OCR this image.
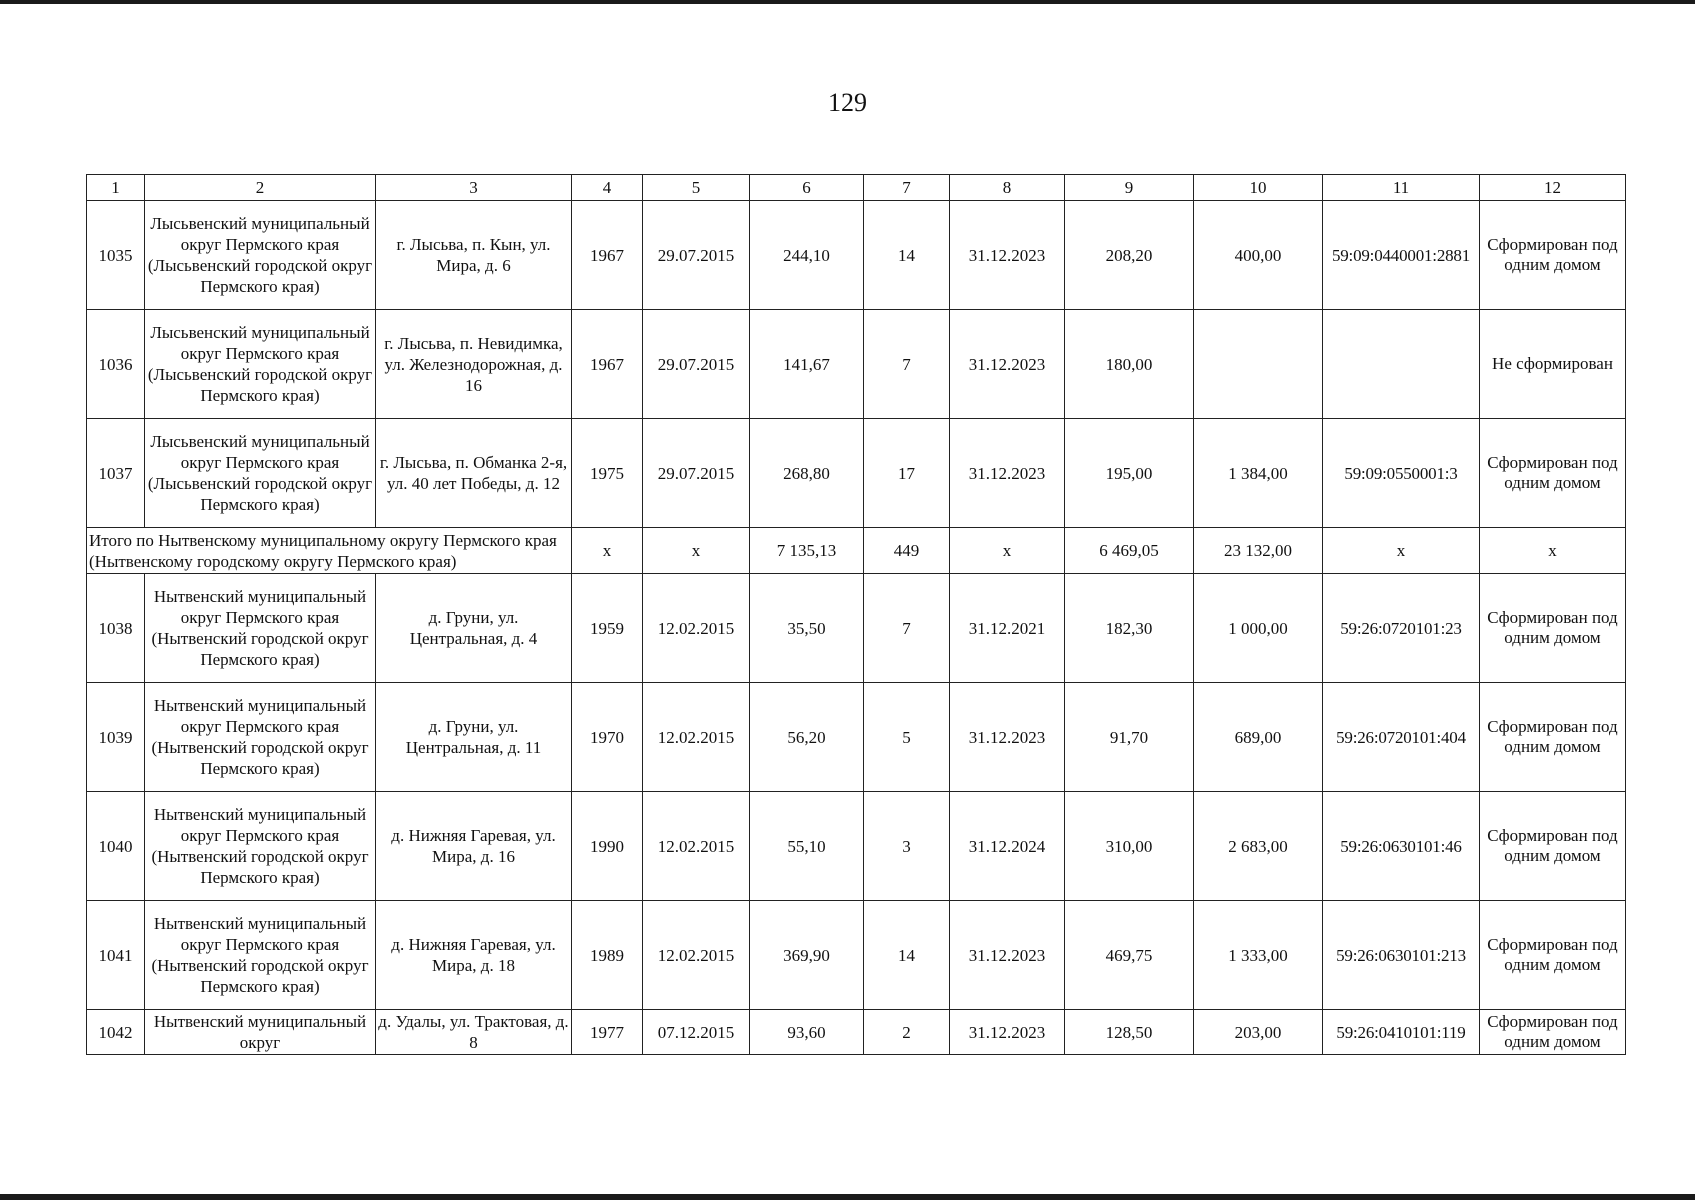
129
1	2	3	4	5	6	7	8	9	10	11	12
1035	Лысьвенский муниципальный округ Пермского края (Лысьвенский городской округ Пермского края)	г. Лысьва, п. Кын, ул. Мира, д. 6	1967	29.07.2015	244,10	14	31.12.2023	208,20	400,00	59:09:0440001:2881	Сформирован под одним домом
1036	Лысьвенский муниципальный округ Пермского края (Лысьвенский городской округ Пермского края)	г. Лысьва, п. Невидимка, ул. Железнодорожная, д. 16	1967	29.07.2015	141,67	7	31.12.2023	180,00			Не сформирован
1037	Лысьвенский муниципальный округ Пермского края (Лысьвенский городской округ Пермского края)	г. Лысьва, п. Обманка 2-я, ул. 40 лет Победы, д. 12	1975	29.07.2015	268,80	17	31.12.2023	195,00	1 384,00	59:09:0550001:3	Сформирован под одним домом
Итого по Нытвенскому муниципальному округу Пермского края (Нытвенскому городскому округу Пермского края)			х	х	7 135,13	449	х	6 469,05	23 132,00	х	х
1038	Нытвенский муниципальный округ Пермского края (Нытвенский городской округ Пермского края)	д. Груни, ул. Центральная, д. 4	1959	12.02.2015	35,50	7	31.12.2021	182,30	1 000,00	59:26:0720101:23	Сформирован под одним домом
1039	Нытвенский муниципальный округ Пермского края (Нытвенский городской округ Пермского края)	д. Груни, ул. Центральная, д. 11	1970	12.02.2015	56,20	5	31.12.2023	91,70	689,00	59:26:0720101:404	Сформирован под одним домом
1040	Нытвенский муниципальный округ Пермского края (Нытвенский городской округ Пермского края)	д. Нижняя Гаревая, ул. Мира, д. 16	1990	12.02.2015	55,10	3	31.12.2024	310,00	2 683,00	59:26:0630101:46	Сформирован под одним домом
1041	Нытвенский муниципальный округ Пермского края (Нытвенский городской округ Пермского края)	д. Нижняя Гаревая, ул. Мира, д. 18	1989	12.02.2015	369,90	14	31.12.2023	469,75	1 333,00	59:26:0630101:213	Сформирован под одним домом
1042	Нытвенский муниципальный округ	д. Удалы, ул. Трактовая, д. 8	1977	07.12.2015	93,60	2	31.12.2023	128,50	203,00	59:26:0410101:119	Сформирован под одним домом
